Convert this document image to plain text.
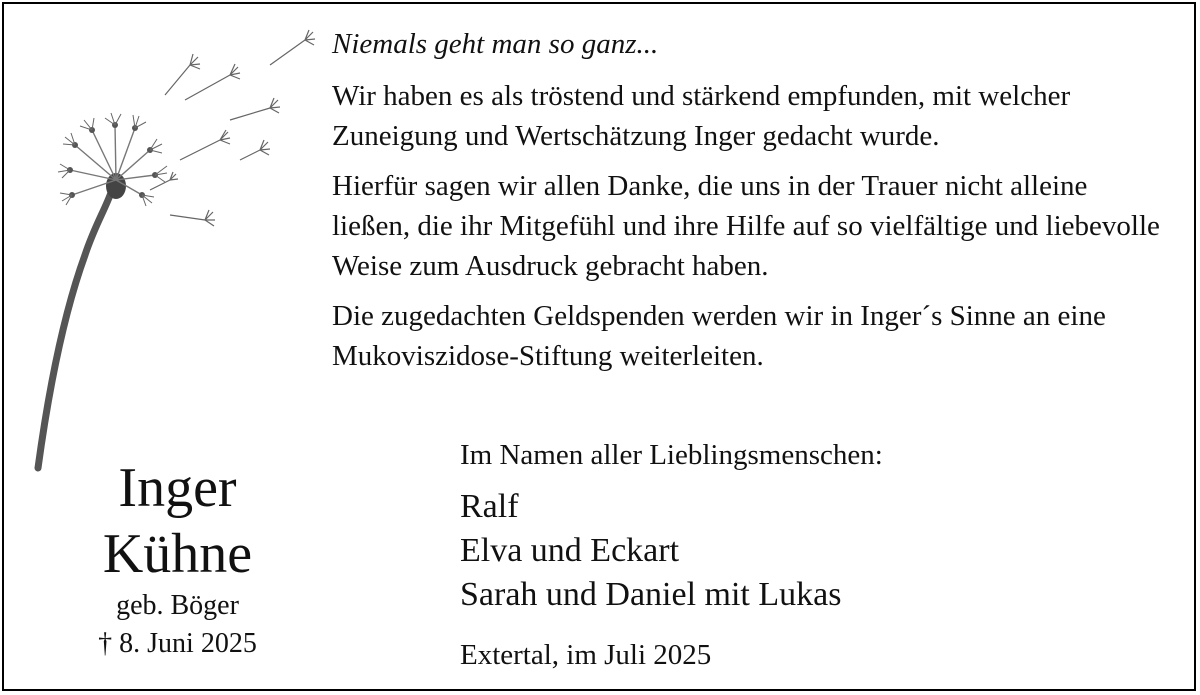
Niemals geht man so ganz...

Wir haben es als tröstend und stärkend empfunden, mit welcher Zuneigung und Wertschätzung Inger gedacht wurde.

Hierfür sagen wir allen Danke, die uns in der Trauer nicht alleine ließen, die ihr Mitgefühl und ihre Hilfe auf so vielfältige und liebevolle Weise zum Ausdruck gebracht haben.

Die zugedachten Geldspenden werden wir in Inger´s Sinne an eine Mukoviszidose-Stiftung weiterleiten.

Inger
Kühne
geb. Böger
† 8. Juni 2025
Im Namen aller Lieblingsmenschen:
Ralf
Elva und Eckart
Sarah und Daniel mit Lukas
Extertal, im Juli 2025
